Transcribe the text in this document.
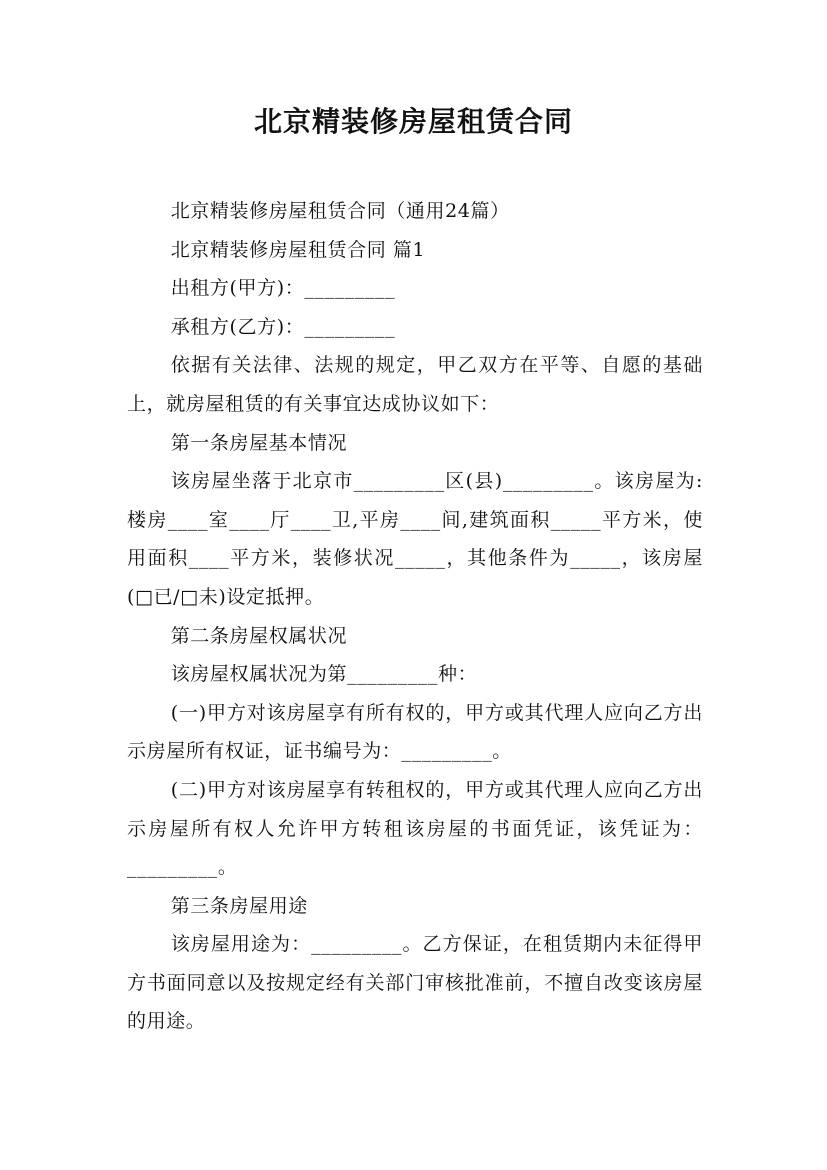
北京精装修房屋租赁合同

北京精装修房屋租赁合同（通用24篇）

北京精装修房屋租赁合同 篇1

出租方(甲方)：_________

承租方(乙方)：_________

依据有关法律、法规的规定，甲乙双方在平等、自愿的基础上，就房屋租赁的有关事宜达成协议如下：

第一条房屋基本情况

该房屋坐落于北京市_________区(县)_________。该房屋为:楼房____室____厅____卫,平房____间,建筑面积_____平方米，使用面积____平方米，装修状况_____，其他条件为_____，该房屋(□已/□未)设定抵押。

第二条房屋权属状况

该房屋权属状况为第_________种：

(一)甲方对该房屋享有所有权的，甲方或其代理人应向乙方出示房屋所有权证，证书编号为：_________。

(二)甲方对该房屋享有转租权的，甲方或其代理人应向乙方出示房屋所有权人允许甲方转租该房屋的书面凭证，该凭证为：_________。

第三条房屋用途

该房屋用途为：_________。乙方保证，在租赁期内未征得甲方书面同意以及按规定经有关部门审核批准前，不擅自改变该房屋的用途。
